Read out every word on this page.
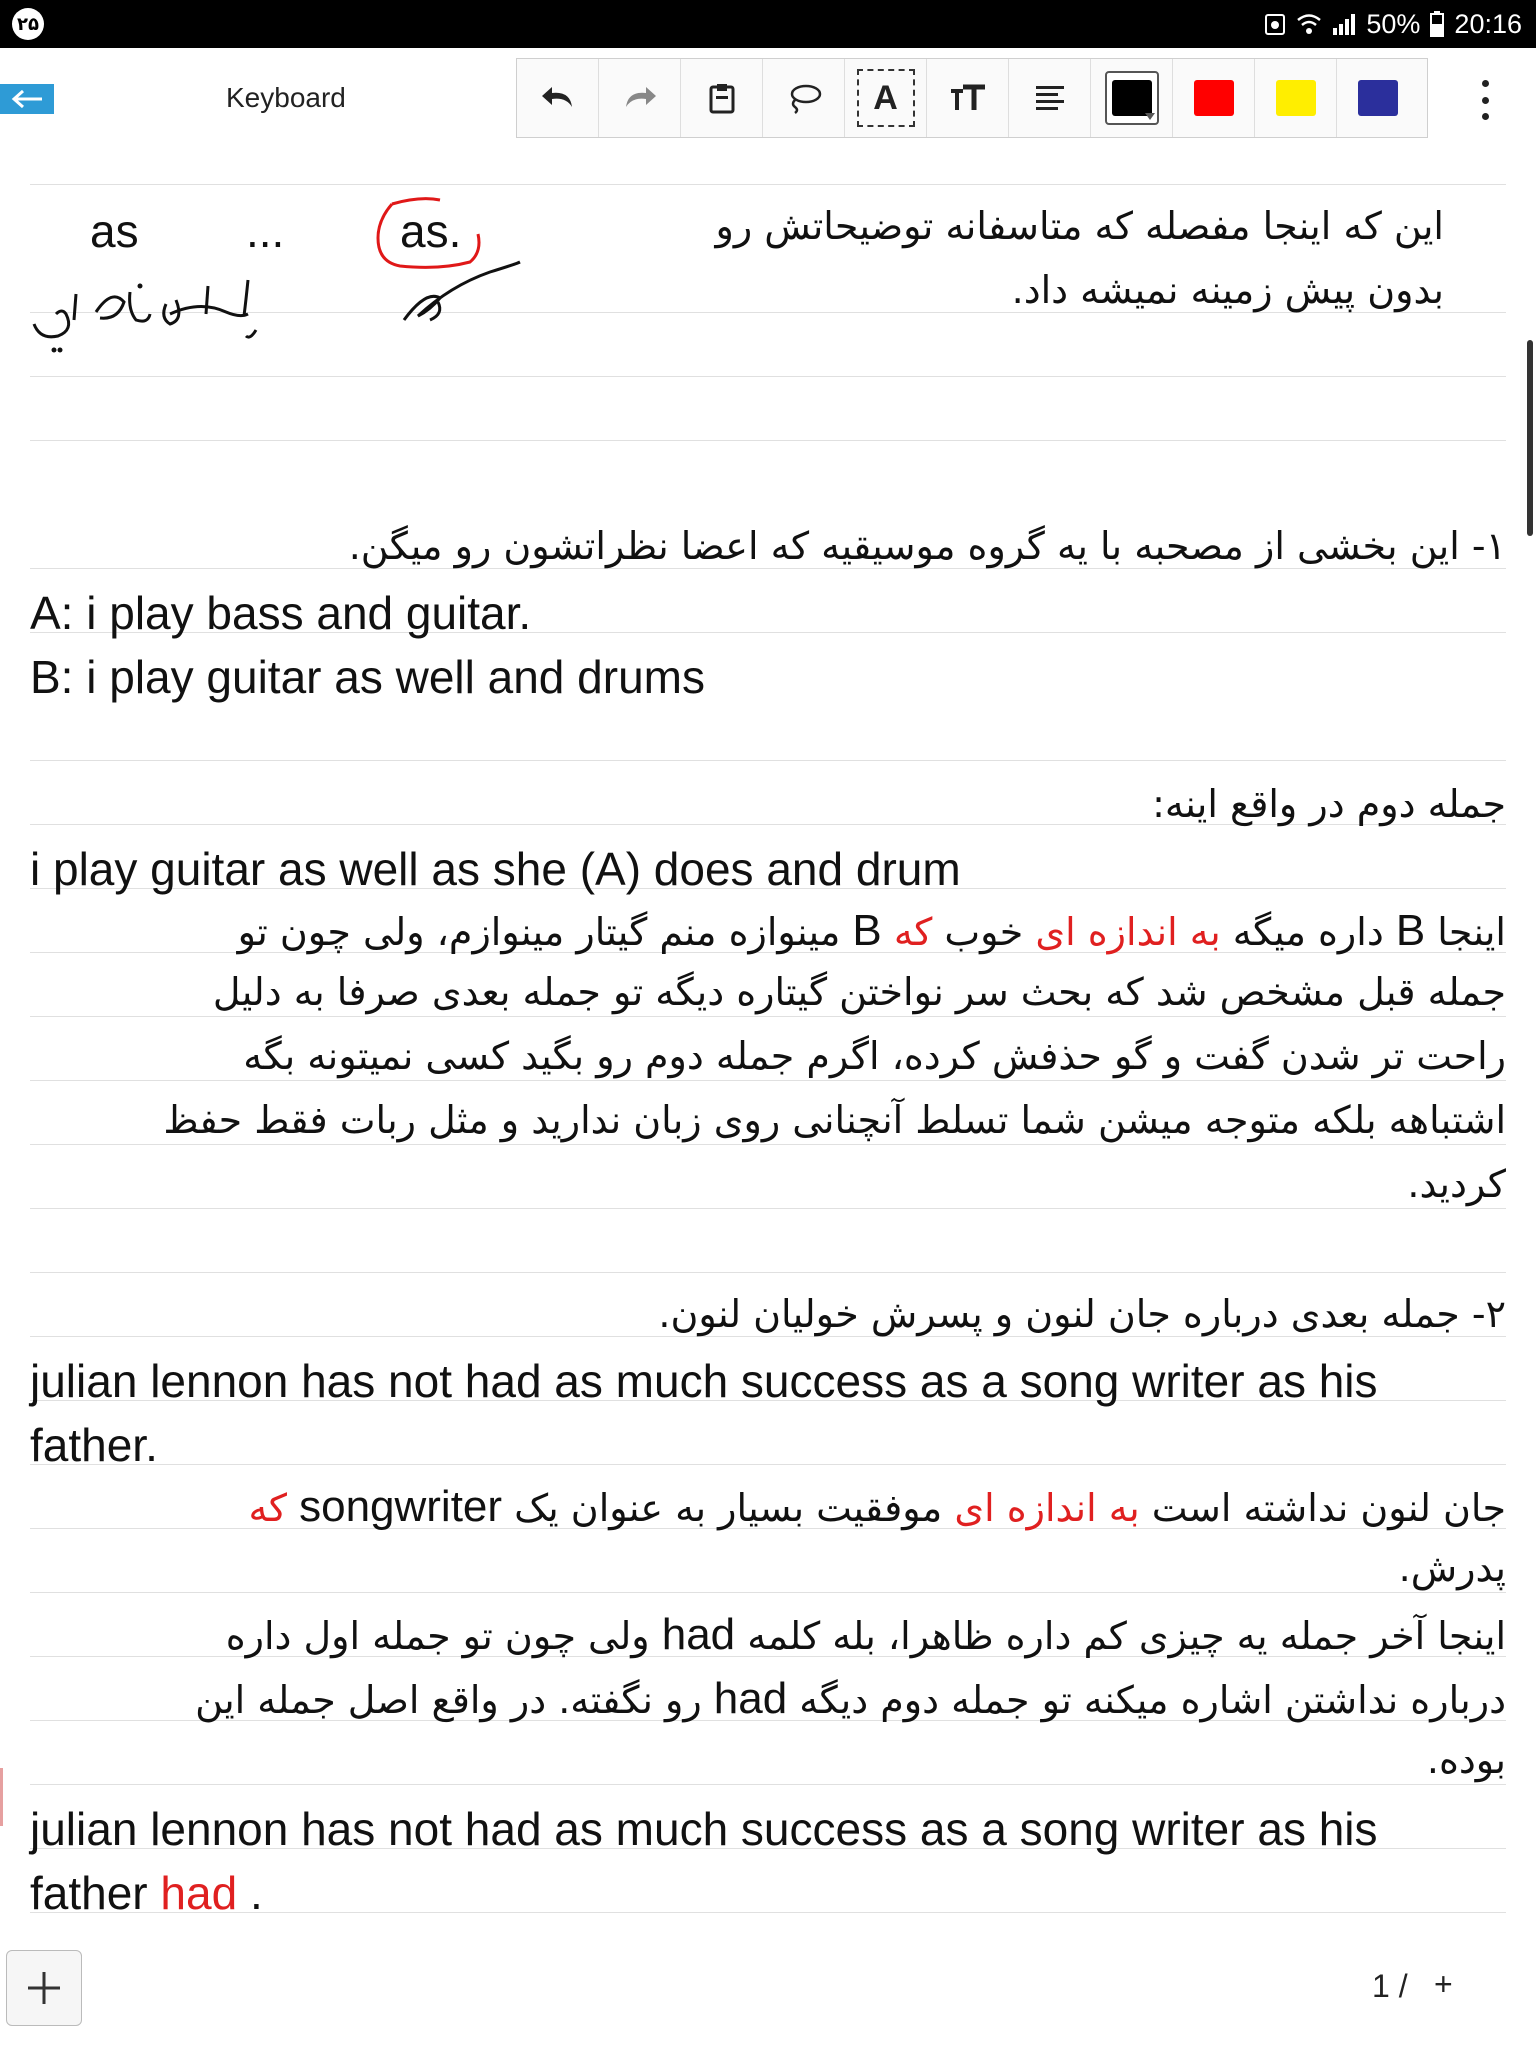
۲۵	50% 20:16
Keyboard	A
as ...	as.	این که اینجا مفصله که متاسفانه توضیحاتش رو
بدون پیش زمینه نمیشه داد.
۱- این بخشی از مصحبه با یه گروه موسیقیه که اعضا نظراتشون رو میگن.
A: i play bass and guitar.
B: i play guitar as well and drums
جمله دوم در واقع اینه:
i play guitar as well as she (A) does and drum
اینجا B داره میگه به اندازه ای خوب که B مینوازه منم گیتار مینوازم، ولی چون تو
جمله قبل مشخص شد که بحث سر نواختن گیتاره دیگه تو جمله بعدی صرفا به دلیل
راحت تر شدن گفت و گو حذفش کرده، اگرم جمله دوم رو بگید کسی نمیتونه بگه
اشتباهه بلکه متوجه میشن شما تسلط آنچنانی روی زبان ندارید و مثل ربات فقط حفظ
کردید.
۲- جمله بعدی درباره جان لنون و پسرش خولیان لنون.
julian lennon has not had as much success as a song writer as his
father.
جان لنون نداشته است به اندازه ای موفقیت بسیار به عنوان یک songwriter که
پدرش.
اینجا آخر جمله یه چیزی کم داره ظاهرا، بله کلمه had ولی چون تو جمله اول داره
درباره نداشتن اشاره میکنه تو جمله دوم دیگه had رو نگفته. در واقع اصل جمله این
بوده.
julian lennon has not had as much success as a song writer as his
father had .
1 / +
